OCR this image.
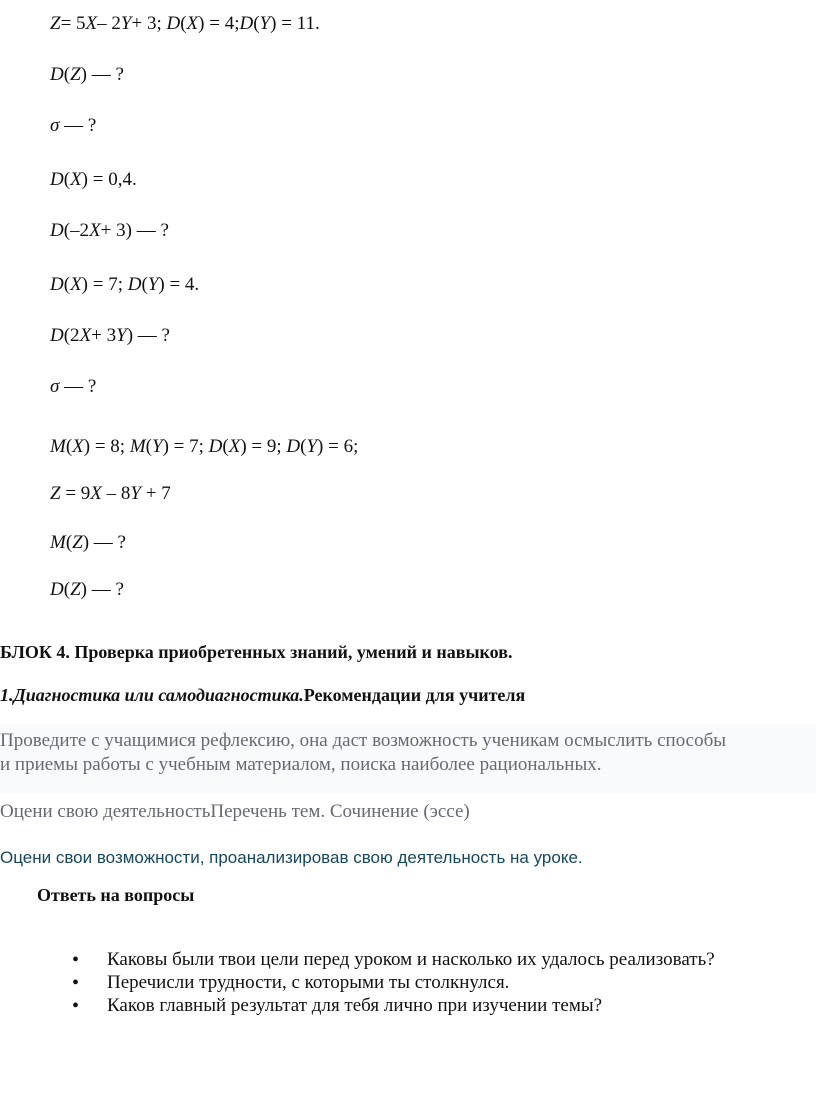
Z= 5X– 2Y+ 3; D(X) = 4;D(Y) = 11.
D(Z) — ?
σ — ?
D(X) = 0,4.
D(–2X+ 3) — ?
D(X) = 7; D(Y) = 4.
D(2X+ 3Y) — ?
σ — ?
M(X) = 8; M(Y) = 7; D(X) = 9; D(Y) = 6;
Z = 9X – 8Y + 7
M(Z) — ?
D(Z) — ?
БЛОК 4. Проверка приобретенных знаний, умений и навыков.
1.Диагностика или самодиагностика.Рекомендации для учителя
Проведите с учащимися рефлексию, она даст возможность ученикам осмыслить способы
и приемы работы с учебным материалом, поиска наиболее рациональных.
Оцени свою деятельностьПеречень тем. Сочинение (эссе)
Оцени свои возможности, проанализировав свою деятельность на уроке.
Ответь на вопросы
• Каковы были твои цели перед уроком и насколько их удалось реализовать?
• Перечисли трудности, с которыми ты столкнулся.
• Каков главный результат для тебя лично при изучении темы?
